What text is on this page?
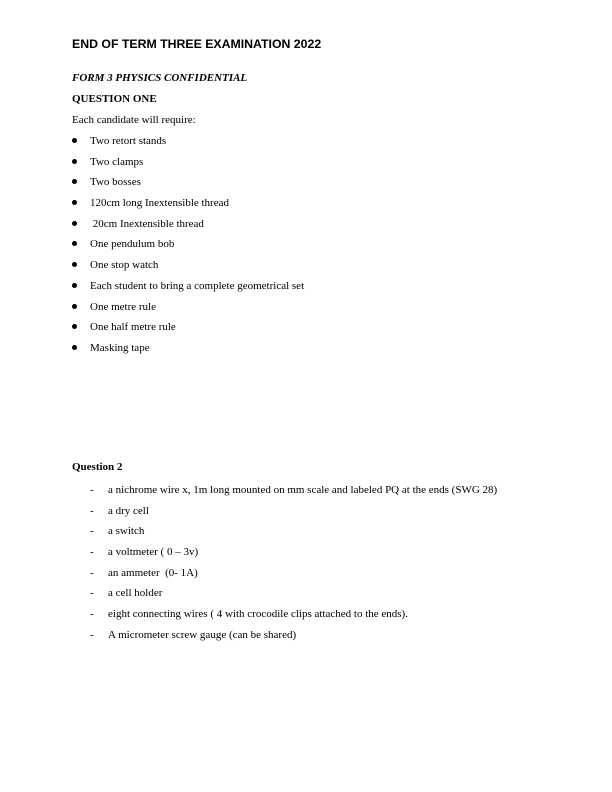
END OF TERM THREE EXAMINATION 2022
FORM 3 PHYSICS CONFIDENTIAL
QUESTION ONE
Each candidate will require:
Two retort stands
Two clamps
Two bosses
120cm long Inextensible thread
20cm Inextensible thread
One pendulum bob
One stop watch
Each student to bring a complete geometrical set
One metre rule
One half metre rule
Masking tape
Question 2
- a nichrome wire x, 1m long mounted on mm scale and labeled PQ at the ends (SWG 28)
- a dry cell
- a switch
- a voltmeter ( 0 – 3v)
- an ammeter  (0- 1A)
- a cell holder
- eight connecting wires ( 4 with crocodile clips attached to the ends).
- A micrometer screw gauge (can be shared)
